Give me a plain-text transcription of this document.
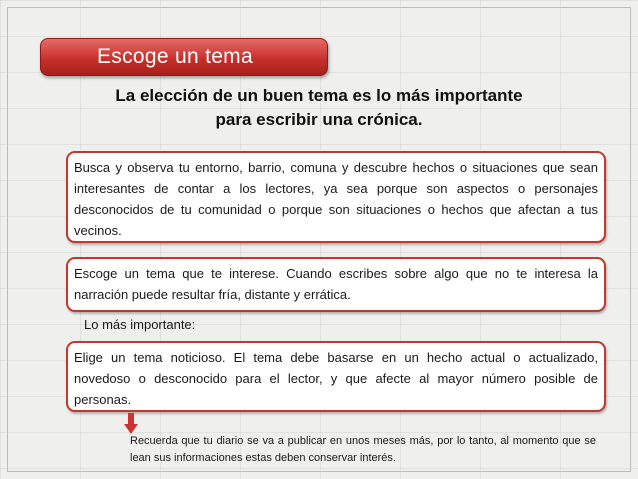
Escoge un tema
La elección de un buen tema es lo más importante
para escribir una crónica.
Busca y observa tu entorno, barrio, comuna y descubre hechos o situaciones que sean interesantes de contar a los lectores, ya sea porque son aspectos o personajes desconocidos de tu comunidad o porque son situaciones o hechos que afectan a tus vecinos.
Escoge un tema que te interese. Cuando escribes sobre algo que no te interesa la narración puede resultar fría, distante y errática.
Lo más importante:
Elige un tema noticioso. El tema debe basarse en un hecho actual o actualizado, novedoso o desconocido para el lector, y que afecte al mayor número posible de personas.
Recuerda que tu diario se va a publicar en unos meses más, por lo tanto, al momento que se lean sus informaciones estas deben conservar interés.
